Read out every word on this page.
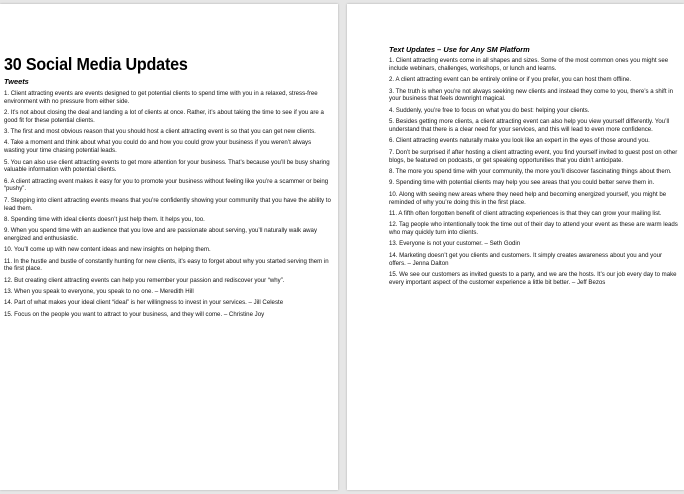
30 Social Media Updates
Tweets

1. Client attracting events are events designed to get potential clients to spend time with you in a relaxed, stress-free environment with no pressure from either side.

2. It’s not about closing the deal and landing a lot of clients at once. Rather, it’s about taking the time to see if you are a good fit for these potential clients.

3. The first and most obvious reason that you should host a client attracting event is so that you can get new clients.

4. Take a moment and think about what you could do and how you could grow your business if you weren’t always wasting your time chasing potential leads.

5. You can also use client attracting events to get more attention for your business. That’s because you’ll be busy sharing valuable information with potential clients.

6. A client attracting event makes it easy for you to promote your business without feeling like you’re a scammer or being “pushy”.

7. Stepping into client attracting events means that you’re confidently showing your community that you have the ability to lead them.

8. Spending time with ideal clients doesn’t just help them. It helps you, too.

9. When you spend time with an audience that you love and are passionate about serving, you’ll naturally walk away energized and enthusiastic.

10. You’ll come up with new content ideas and new insights on helping them.

11. In the hustle and bustle of constantly hunting for new clients, it’s easy to forget about why you started serving them in the first place.

12. But creating client attracting events can help you remember your passion and rediscover your “why”.

13. When you speak to everyone, you speak to no one. – Meredith Hill

14. Part of what makes your ideal client “ideal” is her willingness to invest in your services. – Jill Celeste

15. Focus on the people you want to attract to your business, and they will come. – Christine Joy

Text Updates – Use for Any SM Platform

1. Client attracting events come in all shapes and sizes. Some of the most common ones you might see include webinars, challenges, workshops, or lunch and learns.

2. A client attracting event can be entirely online or if you prefer, you can host them offline.

3. The truth is when you’re not always seeking new clients and instead they come to you, there’s a shift in your business that feels downright magical.

4. Suddenly, you’re free to focus on what you do best: helping your clients.

5. Besides getting more clients, a client attracting event can also help you view yourself differently. You’ll understand that there is a clear need for your services, and this will lead to even more confidence.

6. Client attracting events naturally make you look like an expert in the eyes of those around you.

7. Don’t be surprised if after hosting a client attracting event, you find yourself invited to guest post on other blogs, be featured on podcasts, or get speaking opportunities that you didn’t anticipate.

8. The more you spend time with your community, the more you’ll discover fascinating things about them.

9. Spending time with potential clients may help you see areas that you could better serve them in.

10. Along with seeing new areas where they need help and becoming energized yourself, you might be reminded of why you’re doing this in the first place.

11. A fifth often forgotten benefit of client attracting experiences is that they can grow your mailing list.

12. Tag people who intentionally took the time out of their day to attend your event as these are warm leads who may quickly turn into clients.

13. Everyone is not your customer. – Seth Godin

14. Marketing doesn’t get you clients and customers. It simply creates awareness about you and your offers. – Jenna Dalton

15. We see our customers as invited guests to a party, and we are the hosts. It’s our job every day to make every important aspect of the customer experience a little bit better. – Jeff Bezos
